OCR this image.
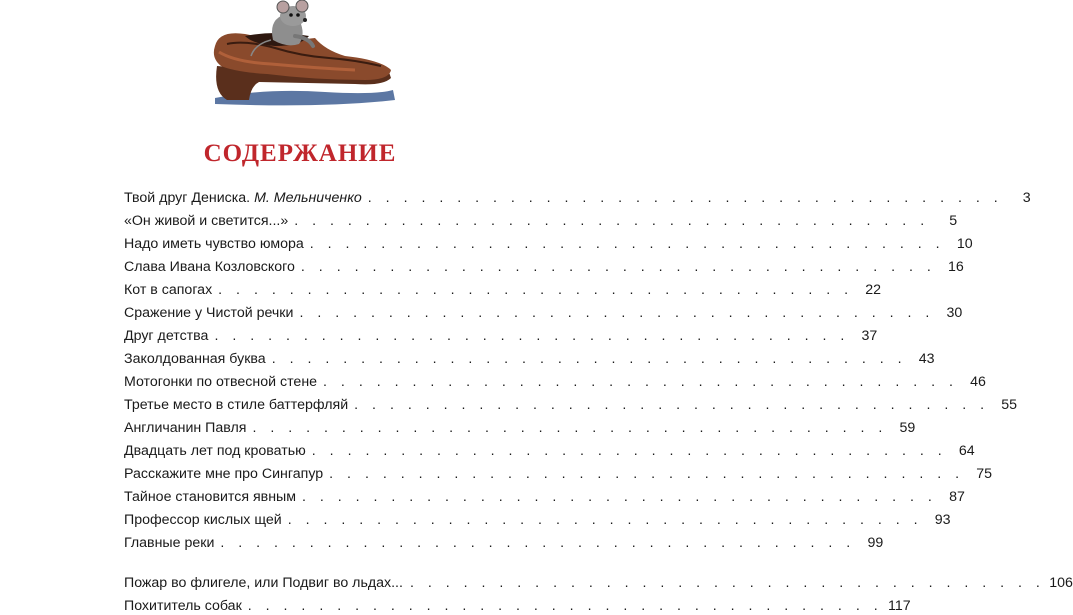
СОДЕРЖАНИЕ
Твой друг Дениска. М. Мельниченко . . . . . . . . . . . . . . . . . . . . . . . . . . . . . . . . . . . .	3
«Он живой и светится...» . . . . . . . . . . . . . . . . . . . . . . . . . . . . . . . . . . . .	5
Надо иметь чувство юмора . . . . . . . . . . . . . . . . . . . . . . . . . . . . . . . . . . . . 10
Слава Ивана Козловского . . . . . . . . . . . . . . . . . . . . . . . . . . . . . . . . . . . . 16
Кот в сапогах . . . . . . . . . . . . . . . . . . . . . . . . . . . . . . . . . . . . 22
Сражение у Чистой речки . . . . . . . . . . . . . . . . . . . . . . . . . . . . . . . . . . . . 30
Друг детства . . . . . . . . . . . . . . . . . . . . . . . . . . . . . . . . . . . . 37
Заколдованная буква . . . . . . . . . . . . . . . . . . . . . . . . . . . . . . . . . . . . 43
Мотогонки по отвесной стене . . . . . . . . . . . . . . . . . . . . . . . . . . . . . . . . . . . . 46
Третье место в стиле баттерфляй . . . . . . . . . . . . . . . . . . . . . . . . . . . . . . . . . . . . 55
Англичанин Павля . . . . . . . . . . . . . . . . . . . . . . . . . . . . . . . . . . . . 59
Двадцать лет под кроватью . . . . . . . . . . . . . . . . . . . . . . . . . . . . . . . . . . . . 64
Расскажите мне про Сингапур . . . . . . . . . . . . . . . . . . . . . . . . . . . . . . . . . . . . 75
Тайное становится явным . . . . . . . . . . . . . . . . . . . . . . . . . . . . . . . . . . . . 87
Профессор кислых щей . . . . . . . . . . . . . . . . . . . . . . . . . . . . . . . . . . . . 93
Главные реки . . . . . . . . . . . . . . . . . . . . . . . . . . . . . . . . . . . . 99
Пожар во флигеле, или Подвиг во льдах... . . . . . . . . . . . . . . . . . . . . . . . . . . . . . . . . . . . . 106
Похититель собак . . . . . . . . . . . . . . . . . . . . . . . . . . . . . . . . . . . . 117
